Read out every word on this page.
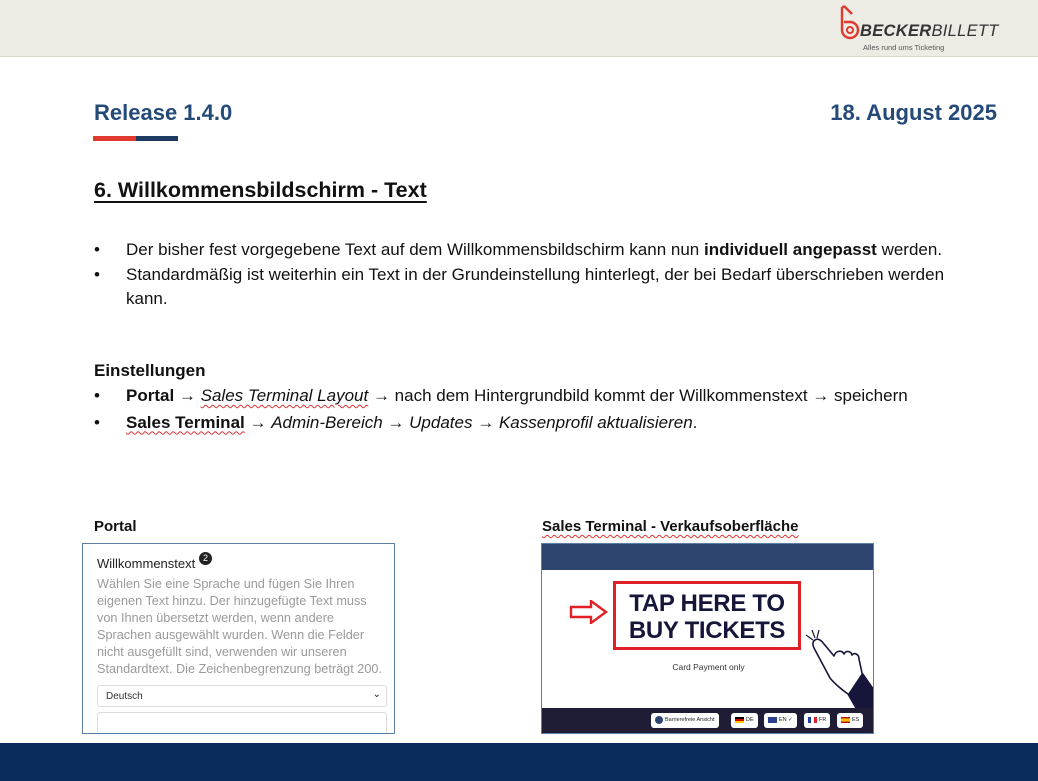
BECKERBILLETT
Alles rund ums Ticketing
Release 1.4.0	18. August 2025
6. Willkommensbildschirm - Text
• Der bisher fest vorgegebene Text auf dem Willkommensbildschirm kann nun individuell angepasst werden.
• Standardmäßig ist weiterhin ein Text in der Grundeinstellung hinterlegt, der bei Bedarf überschrieben werden kann.
Einstellungen
• Portal → Sales Terminal Layout → nach dem Hintergrundbild kommt der Willkommenstext → speichern
• Sales Terminal → Admin-Bereich → Updates → Kassenprofil aktualisieren.
Portal	Sales Terminal - Verkaufsoberfläche
Willkommenstext 2
Wählen Sie eine Sprache und fügen Sie Ihren eigenen Text hinzu. Der hinzugefügte Text muss von Ihnen übersetzt werden, wenn andere Sprachen ausgewählt wurden. Wenn die Felder nicht ausgefüllt sind, verwenden wir unseren Standardtext. Die Zeichenbegrenzung beträgt 200.
Deutsch	⌄
TAP HERE TO
BUY TICKETS
Card Payment only
Barrierefreie Ansicht	DE	EN ✓	FR	ES
